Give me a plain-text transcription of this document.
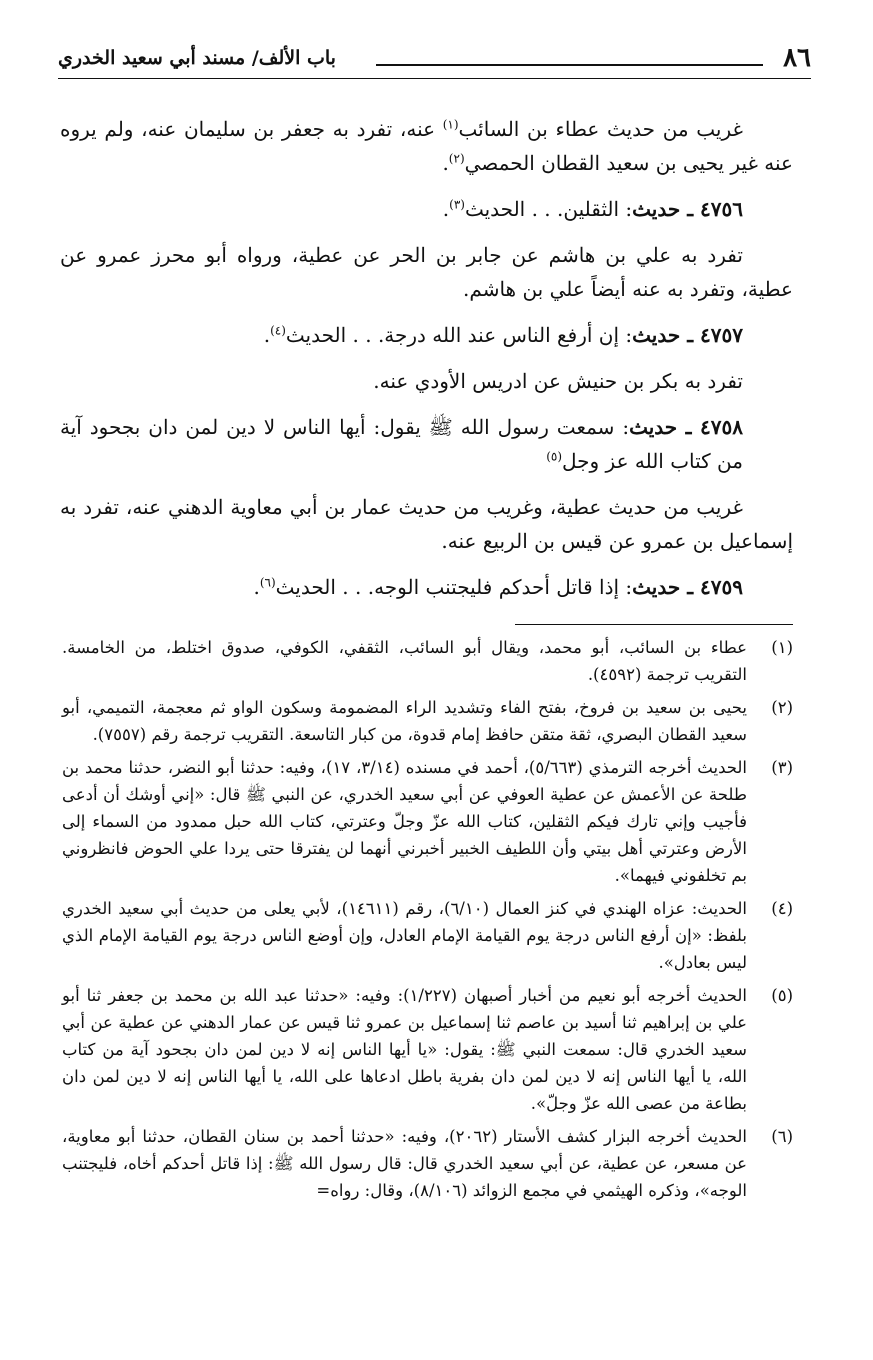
٨٦
باب الألف/ مسند أبي سعيد الخدري

غريب من حديث عطاء بن السائب$^{(١)}$ عنه، تفرد به جعفر بن سليمان عنه، ولم يروه عنه غير يحيى بن سعيد القطان الحمصي$^{(٢)}$.

٤٧٥٦ ـ حديث: الثقلين. . . الحديث$^{(٣)}$.

تفرد به علي بن هاشم عن جابر بن الحر عن عطية، ورواه أبو محرز عمرو عن عطية، وتفرد به عنه أيضاً علي بن هاشم.

٤٧٥٧ ـ حديث: إن أرفع الناس عند الله درجة. . . الحديث$^{(٤)}$.

تفرد به بكر بن حنيش عن ادريس الأودي عنه.

٤٧٥٨ ـ حديث: سمعت رسول الله ﷺ يقول: أيها الناس لا دين لمن دان بجحود آية من كتاب الله عز وجل$^{(٥)}$

غريب من حديث عطية، وغريب من حديث عمار بن أبي معاوية الدهني عنه، تفرد به إسماعيل بن عمرو عن قيس بن الربيع عنه.

٤٧٥٩ ـ حديث: إذا قاتل أحدكم فليجتنب الوجه. . . الحديث$^{(٦)}$.

(١)
عطاء بن السائب، أبو محمد، ويقال أبو السائب، الثقفي، الكوفي، صدوق اختلط، من الخامسة. التقريب ترجمة (٤٥٩٢).
(٢)
يحيى بن سعيد بن فروخ، بفتح الفاء وتشديد الراء المضمومة وسكون الواو ثم معجمة، التميمي، أبو سعيد القطان البصري، ثقة متقن حافظ إمام قدوة، من كبار التاسعة. التقريب ترجمة رقم (٧٥٥٧).
(٣)
الحديث أخرجه الترمذي (٥/٦٦٣)، أحمد في مسنده (٣/١٤، ١٧)، وفيه: حدثنا أبو النضر، حدثنا محمد بن طلحة عن الأعمش عن عطية العوفي عن أبي سعيد الخدري، عن النبي ﷺ قال: «إني أوشك أن أدعى فأجيب وإني تارك فيكم الثقلين، كتاب الله عزّ وجلّ وعترتي، كتاب الله حبل ممدود من السماء إلى الأرض وعترتي أهل بيتي وأن اللطيف الخبير أخبرني أنهما لن يفترقا حتى يردا علي الحوض فانظروني بم تخلفوني فيهما».
(٤)
الحديث: عزاه الهندي في كنز العمال (٦/١٠)، رقم (١٤٦١١)، لأبي يعلى من حديث أبي سعيد الخدري بلفظ: «إن أرفع الناس درجة يوم القيامة الإمام العادل، وإن أوضع الناس درجة يوم القيامة الإمام الذي ليس بعادل».
(٥)
الحديث أخرجه أبو نعيم من أخبار أصبهان (١/٢٢٧): وفيه: «حدثنا عبد الله بن محمد بن جعفر ثنا أبو علي بن إبراهيم ثنا أسيد بن عاصم ثنا إسماعيل بن عمرو ثنا قيس عن عمار الدهني عن عطية عن أبي سعيد الخدري قال: سمعت النبي ﷺ: يقول: «يا أيها الناس إنه لا دين لمن دان بجحود آية من كتاب الله، يا أيها الناس إنه لا دين لمن دان بفرية باطل ادعاها على الله، يا أيها الناس إنه لا دين لمن دان بطاعة من عصى الله عزّ وجلّ».
(٦)
الحديث أخرجه البزار كشف الأستار (٢٠٦٢)، وفيه: «حدثنا أحمد بن سنان القطان، حدثنا أبو معاوية، عن مسعر، عن عطية، عن أبي سعيد الخدري قال: قال رسول الله ﷺ: إذا قاتل أحدكم أخاه، فليجتنب الوجه»، وذكره الهيثمي في مجمع الزوائد (٨/١٠٦)، وقال: رواه=
